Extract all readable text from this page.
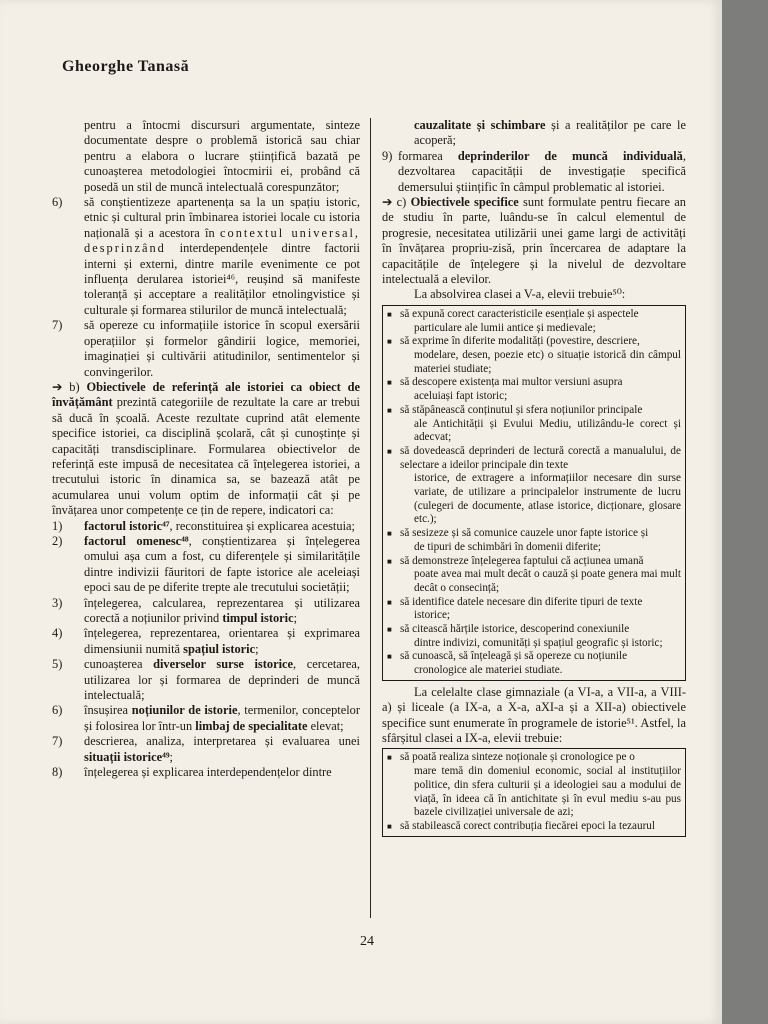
Gheorghe Tanasă

pentru a întocmi discursuri argumentate, sinteze documentate despre o problemă istorică sau chiar pentru a elabora o lucrare științifică bazată pe cunoașterea metodologiei întocmirii ei, probând că posedă un stil de muncă intelectuală corespunzător;

6)	să conștientizeze apartenența sa la un spațiu istoric, etnic și cultural prin îmbinarea istoriei locale cu istoria națională și a acestora în contextul universal, desprinzând interdependențele dintre factorii interni și externi, dintre marile evenimente ce pot influența derularea istoriei⁴⁶, reușind să manifeste toleranță și acceptare a realităților etnolingvistice și culturale și formarea stilurilor de muncă intelectuală;
7)	să opereze cu informațiile istorice în scopul exersării operațiilor și formelor gândirii logice, memoriei, imaginației și cultivării atitudinilor, sentimentelor și convingerilor.

➔ b) Obiectivele de referință ale istoriei ca obiect de învățământ prezintă categoriile de rezultate la care ar trebui să ducă în școală. Aceste rezultate cuprind atât elemente specifice istoriei, ca disciplină școlară, cât și cunoștințe și capacități transdisciplinare. Formularea obiectivelor de referință este impusă de necesitatea că înțelegerea istoriei, a trecutului istoric în dinamica sa, se bazează atât pe acumularea unui volum optim de informații cât și pe învățarea unor competențe ce țin de repere, indicatori ca:

1)	factorul istoric⁴⁷, reconstituirea și explicarea acestuia;
2)	factorul omenesc⁴⁸, conștientizarea și înțelegerea omului așa cum a fost, cu diferențele și similaritățile dintre indivizii făuritori de fapte istorice ale aceleiași epoci sau de pe diferite trepte ale trecutului societății;
3)	înțelegerea, calcularea, reprezentarea și utilizarea corectă a noțiunilor privind timpul istoric;
4)	înțelegerea, reprezentarea, orientarea și exprimarea dimensiunii numită spațiul istoric;
5)	cunoașterea diverselor surse istorice, cercetarea, utilizarea lor și formarea de deprinderi de muncă intelectuală;
6)	însușirea noțiunilor de istorie, termenilor, conceptelor și folosirea lor într-un limbaj de specialitate elevat;
7)	descrierea, analiza, interpretarea și evaluarea unei situații istorice⁴⁹;
8)	înțelegerea și explicarea interdependențelor dintre

cauzalitate și schimbare și a realităților pe care le acoperă;

9) formarea deprinderilor de muncă individuală, dezvoltarea capacității de investigație specifică demersului științific în câmpul problematic al istoriei.

➔ c) Obiectivele specifice sunt formulate pentru fiecare an de studiu în parte, luându-se în calcul elementul de progresie, necesitatea utilizării unei game largi de activități în învățarea propriu-zisă, prin încercarea de adaptare la capacitățile de înțelegere și la nivelul de dezvoltare intelectuală a elevilor.

La absolvirea clasei a V-a, elevii trebuie⁵⁰:

■ să expună corect caracteristicile esențiale și aspectele
particulare ale lumii antice și medievale;
■ să exprime în diferite modalități (povestire, descriere,
modelare, desen, poezie etc) o situație istorică din câmpul materiei studiate;
■ să descopere existența mai multor versiuni asupra
aceluiași fapt istoric;
■ să stăpânească conținutul și sfera noțiunilor principale
ale Antichității și Evului Mediu, utilizându-le corect și adecvat;
■ să dovedească deprinderi de lectură corectă a manualului, de selectare a ideilor principale din texte
istorice, de extragere a informațiilor necesare din surse variate, de utilizare a principalelor instrumente de lucru (culegeri de documente, atlase istorice, dicționare, glosare etc.);
■ să sesizeze și să comunice cauzele unor fapte istorice și
de tipuri de schimbări în domenii diferite;
■ să demonstreze înțelegerea faptului că acțiunea umană
poate avea mai mult decât o cauză și poate genera mai mult decât o consecință;
■ să identifice datele necesare din diferite tipuri de texte
istorice;
■ să citească hărțile istorice, descoperind conexiunile
dintre indivizi, comunități și spațiul geografic și istoric;
■ să cunoască, să înțeleagă și să opereze cu noțiunile
cronologice ale materiei studiate.

La celelalte clase gimnaziale (a VI-a, a VII-a, a VIII-a) și liceale (a IX-a, a X-a, aXI-a și a XII-a) obiectivele specifice sunt enumerate în programele de istorie⁵¹. Astfel, la sfârșitul clasei a IX-a, elevii trebuie:

■ să poată realiza sinteze noționale și cronologice pe o
mare temă din domeniul economic, social al instituțiilor politice, din sfera culturii și a ideologiei sau a modului de viață, în ideea că în antichitate și în evul mediu s-au pus bazele civilizației universale de azi;
■ să stabilească corect contribuția fiecărei epoci la tezaurul
24
